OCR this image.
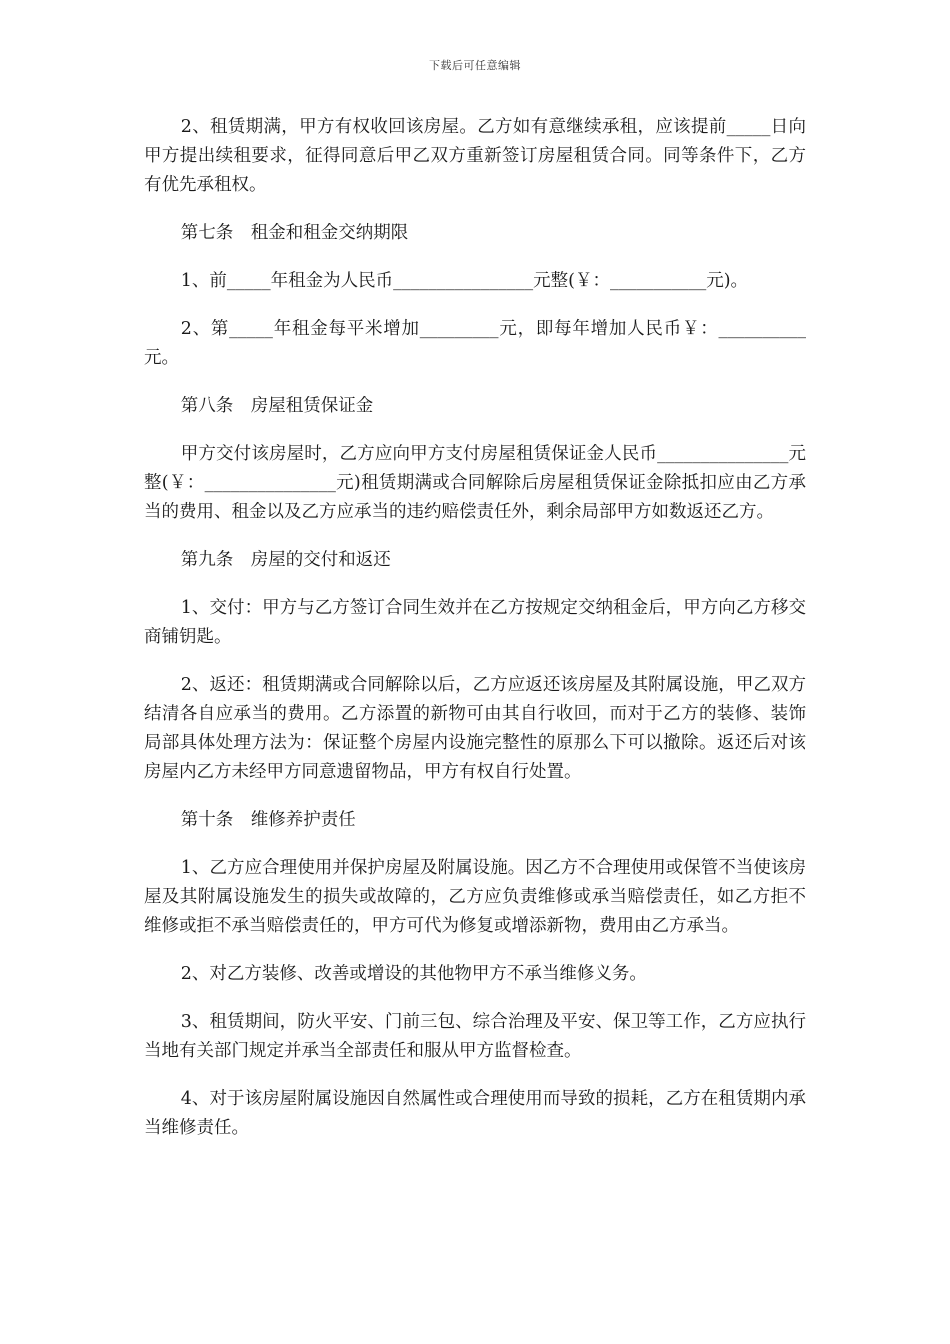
下载后可任意编辑
2、租赁期满，甲方有权收回该房屋。乙方如有意继续承租，应该提前_____日向甲方提出续租要求，征得同意后甲乙双方重新签订房屋租赁合同。同等条件下，乙方有优先承租权。
第七条　租金和租金交纳期限
1、前_____年租金为人民币________________元整(￥：___________元)。
2、第_____年租金每平米增加_________元，即每年增加人民币￥：__________元。
第八条　房屋租赁保证金
甲方交付该房屋时，乙方应向甲方支付房屋租赁保证金人民币_______________元整(￥：_______________元)租赁期满或合同解除后房屋租赁保证金除抵扣应由乙方承当的费用、租金以及乙方应承当的违约赔偿责任外，剩余局部甲方如数返还乙方。
第九条　房屋的交付和返还
1、交付：甲方与乙方签订合同生效并在乙方按规定交纳租金后，甲方向乙方移交商铺钥匙。
2、返还：租赁期满或合同解除以后，乙方应返还该房屋及其附属设施，甲乙双方结清各自应承当的费用。乙方添置的新物可由其自行收回，而对于乙方的装修、装饰局部具体处理方法为：保证整个房屋内设施完整性的原那么下可以撤除。返还后对该房屋内乙方未经甲方同意遗留物品，甲方有权自行处置。
第十条　维修养护责任
1、乙方应合理使用并保护房屋及附属设施。因乙方不合理使用或保管不当使该房屋及其附属设施发生的损失或故障的，乙方应负责维修或承当赔偿责任，如乙方拒不维修或拒不承当赔偿责任的，甲方可代为修复或增添新物，费用由乙方承当。
2、对乙方装修、改善或增设的其他物甲方不承当维修义务。
3、租赁期间，防火平安、门前三包、综合治理及平安、保卫等工作，乙方应执行当地有关部门规定并承当全部责任和服从甲方监督检查。
4、对于该房屋附属设施因自然属性或合理使用而导致的损耗，乙方在租赁期内承当维修责任。
